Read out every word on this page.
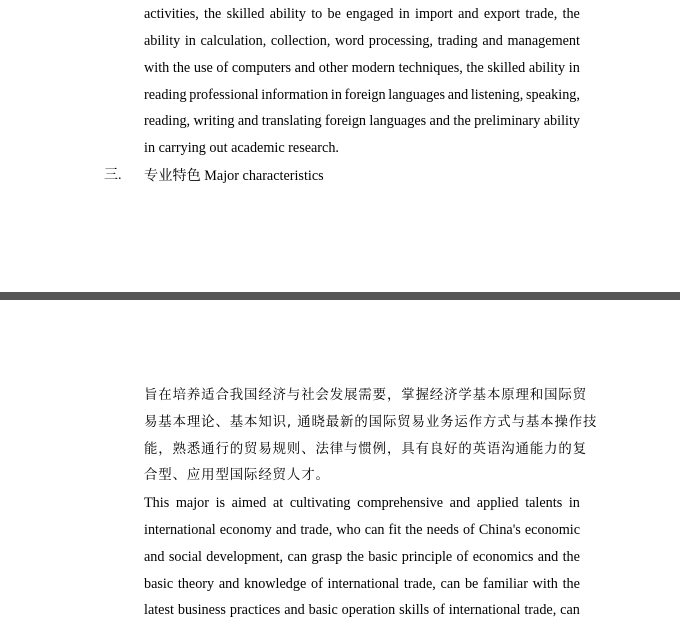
activities, the skilled ability to be engaged in import and export trade, the
ability in calculation, collection, word processing, trading and management
with the use of computers and other modern techniques, the skilled ability in
reading professional information in foreign languages and listening, speaking,
reading, writing and translating foreign languages and the preliminary ability
in carrying out academic research.
三. 专业特色 Major characteristics
旨在培养适合我国经济与社会发展需要，掌握经济学基本原理和国际贸
易基本理论、基本知识, 通晓最新的国际贸易业务运作方式与基本操作技
能，熟悉通行的贸易规则、法律与惯例，具有良好的英语沟通能力的复
合型、应用型国际经贸人才。
This major is aimed at cultivating comprehensive and applied talents in
international economy and trade, who can fit the needs of China's economic
and social development, can grasp the basic principle of economics and the
basic theory and knowledge of international trade, can be familiar with the
latest business practices and basic operation skills of international trade, can
